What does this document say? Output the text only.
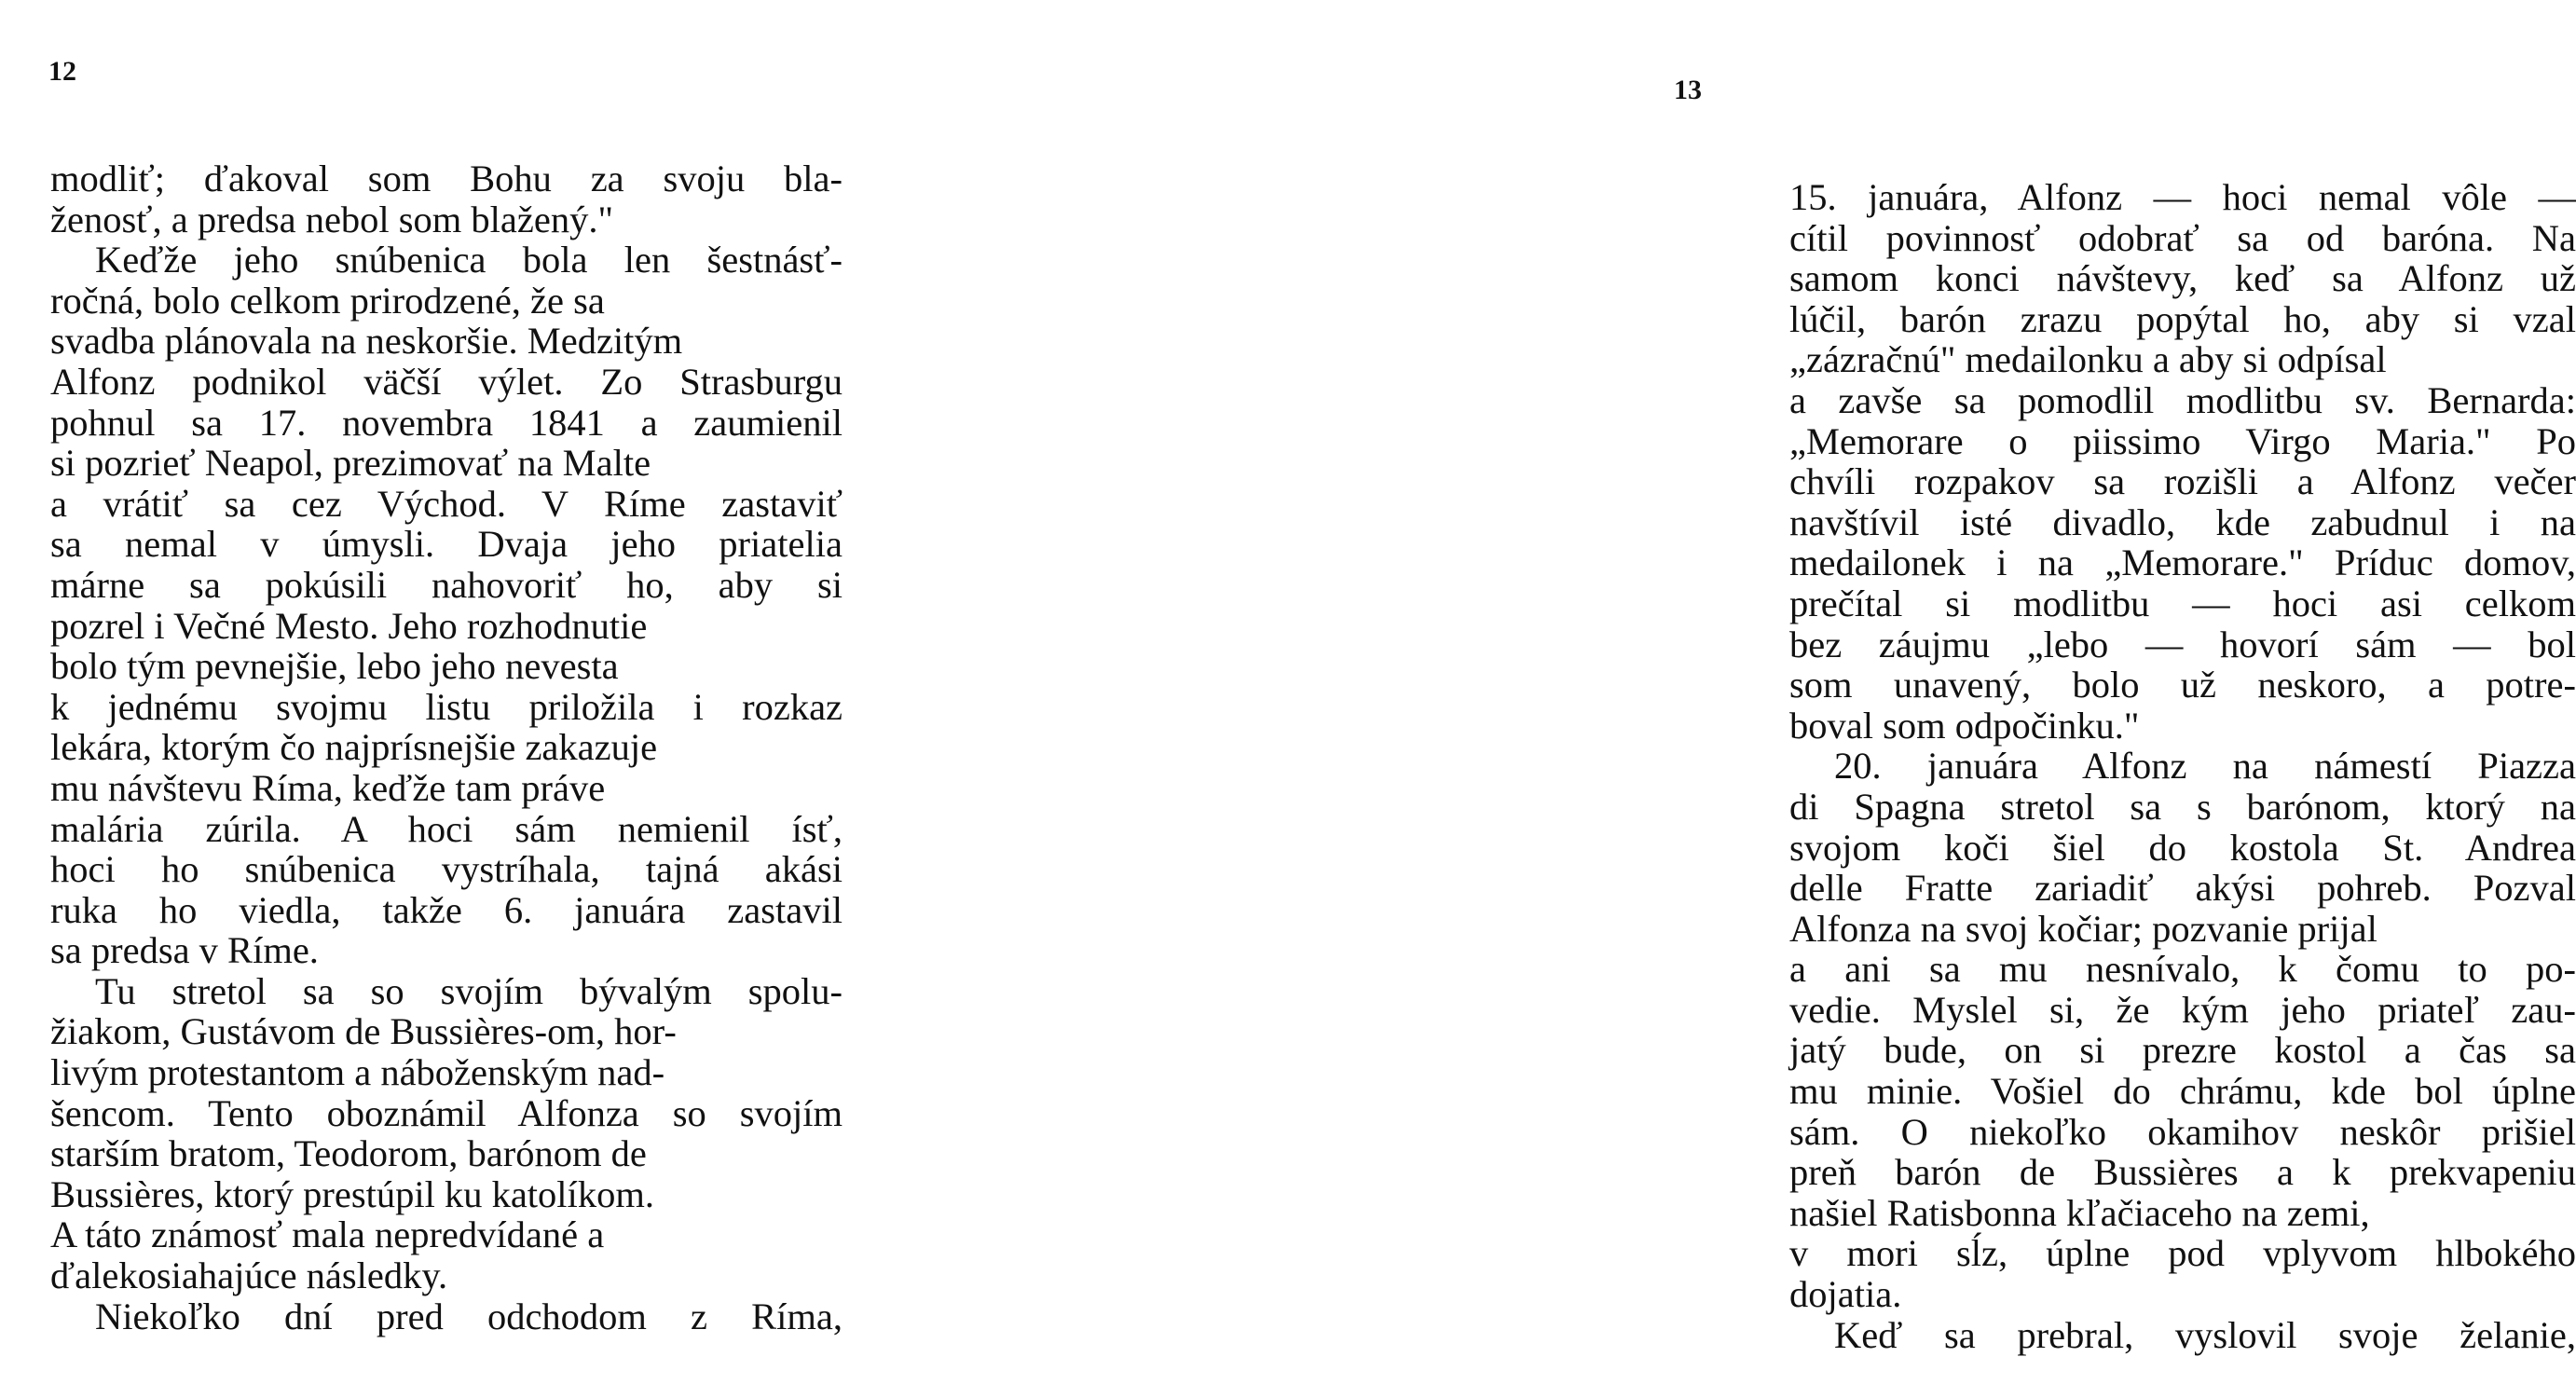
12
modliť; ďakoval som Bohu za svoju bla-
ženosť, a predsa nebol som blažený."
Keďže jeho snúbenica bola len šestnásť-
ročná, bolo celkom prirodzené, že sa
svadba plánovala na neskoršie. Medzitým
Alfonz podnikol väčší výlet. Zo Strasburgu
pohnul sa 17. novembra 1841 a zaumienil
si pozrieť Neapol, prezimovať na Malte
a vrátiť sa cez Východ. V Ríme zastaviť
sa nemal v úmysli. Dvaja jeho priatelia
márne sa pokúsili nahovoriť ho, aby si
pozrel i Večné Mesto. Jeho rozhodnutie
bolo tým pevnejšie, lebo jeho nevesta
k jednému svojmu listu priložila i rozkaz
lekára, ktorým čo najprísnejšie zakazuje
mu návštevu Ríma, keďže tam práve
malária zúrila. A hoci sám nemienil ísť,
hoci ho snúbenica vystríhala, tajná akási
ruka ho viedla, takže 6. januára zastavil
sa predsa v Ríme.
Tu stretol sa so svojím bývalým spolu-
žiakom, Gustávom de Bussières-om, hor-
livým protestantom a náboženským nad-
šencom. Tento oboznámil Alfonza so svojím
starším bratom, Teodorom, barónom de
Bussières, ktorý prestúpil ku katolíkom.
A táto známosť mala nepredvídané a
ďalekosiahajúce následky.
Niekoľko dní pred odchodom z Ríma,
13
15. januára, Alfonz — hoci nemal vôle —
cítil povinnosť odobrať sa od baróna. Na
samom konci návštevy, keď sa Alfonz už
lúčil, barón zrazu popýtal ho, aby si vzal
„zázračnú" medailonku a aby si odpísal
a zavše sa pomodlil modlitbu sv. Bernarda:
„Memorare o piissimo Virgo Maria." Po
chvíli rozpakov sa rozišli a Alfonz večer
navštívil isté divadlo, kde zabudnul i na
medailonek i na „Memorare." Príduc domov,
prečítal si modlitbu — hoci asi celkom
bez záujmu „lebo — hovorí sám — bol
som unavený, bolo už neskoro, a potre-
boval som odpočinku."
20. januára Alfonz na námestí Piazza
di Spagna stretol sa s barónom, ktorý na
svojom koči šiel do kostola St. Andrea
delle Fratte zariadiť akýsi pohreb. Pozval
Alfonza na svoj kočiar; pozvanie prijal
a ani sa mu nesnívalo, k čomu to po-
vedie. Myslel si, že kým jeho priateľ zau-
jatý bude, on si prezre kostol a čas sa
mu minie. Vošiel do chrámu, kde bol úplne
sám. O niekoľko okamihov neskôr prišiel
preň barón de Bussières a k prekvapeniu
našiel Ratisbonna kľačiaceho na zemi,
v mori sĺz, úplne pod vplyvom hlbokého
dojatia.
Keď sa prebral, vyslovil svoje želanie,
